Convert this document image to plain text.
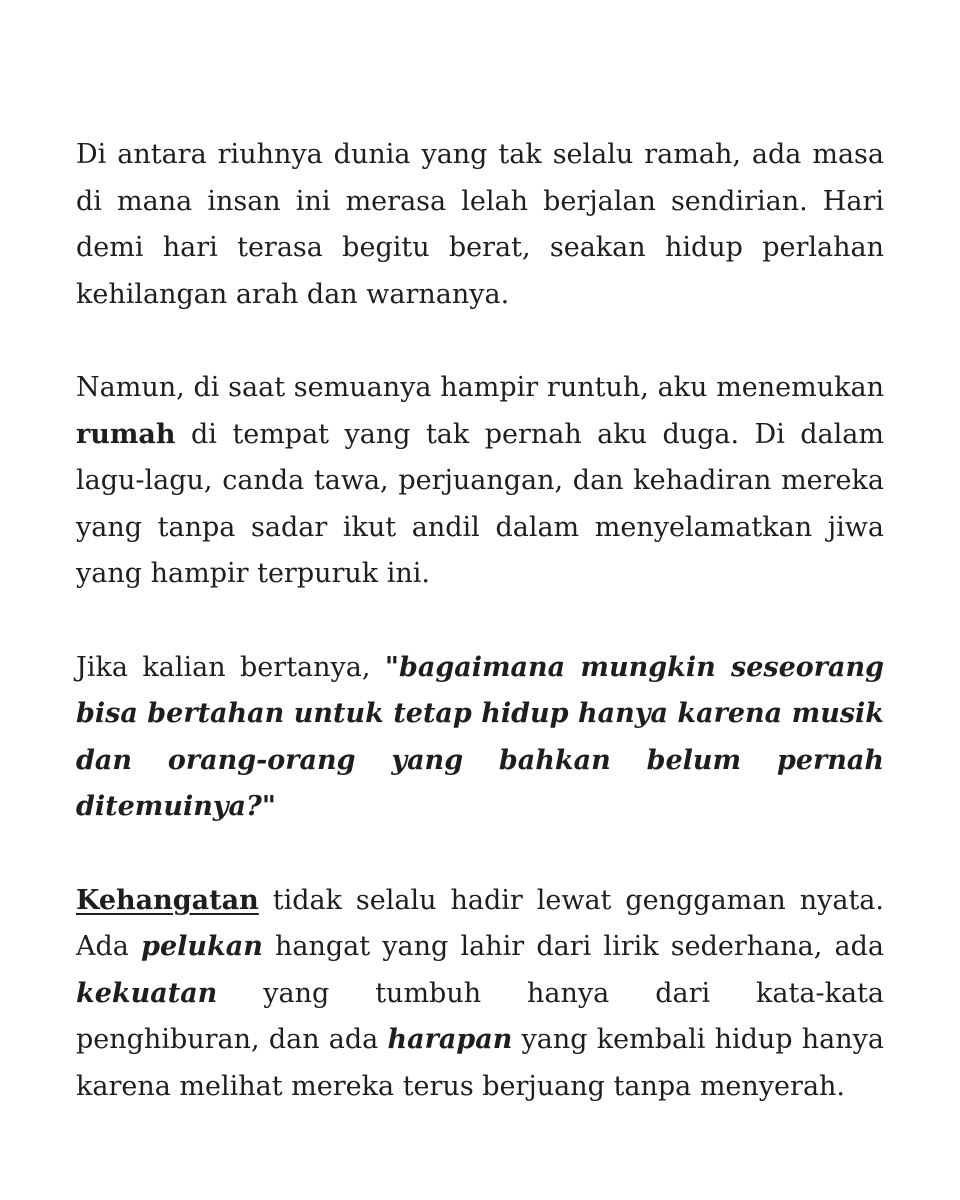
Di antara riuhnya dunia yang tak selalu ramah, ada masa di mana insan ini merasa lelah berjalan sendirian. Hari demi hari terasa begitu berat, seakan hidup perlahan kehilangan arah dan warnanya.

Namun, di saat semuanya hampir runtuh, aku menemukan rumah di tempat yang tak pernah aku duga. Di dalam lagu-lagu, canda tawa, perjuangan, dan kehadiran mereka yang tanpa sadar ikut andil dalam menyelamatkan jiwa yang hampir terpuruk ini.

Jika kalian bertanya, "bagaimana mungkin seseorang bisa bertahan untuk tetap hidup hanya karena musik dan orang-orang yang bahkan belum pernah ditemuinya?"

Kehangatan tidak selalu hadir lewat genggaman nyata. Ada pelukan hangat yang lahir dari lirik sederhana, ada kekuatan yang tumbuh hanya dari kata-kata penghiburan, dan ada harapan yang kembali hidup hanya karena melihat mereka terus berjuang tanpa menyerah.
